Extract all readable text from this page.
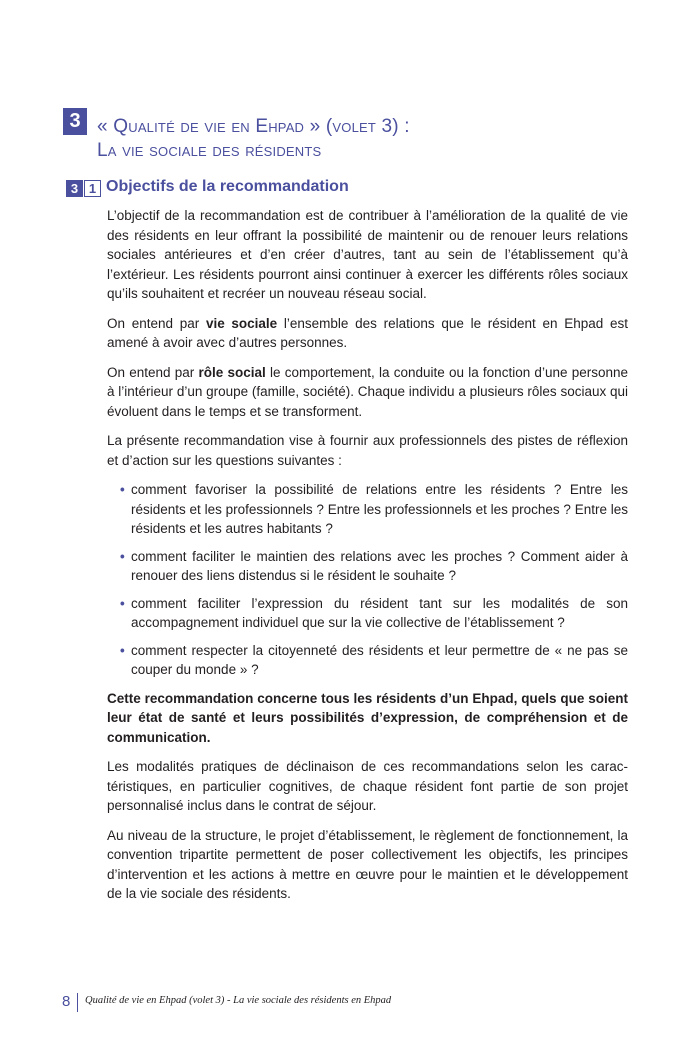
3 « Qualité de vie en Ehpad » (volet 3) :
La vie sociale des résidents
3 1 Objectifs de la recommandation

L’objectif de la recommandation est de contribuer à l’amélioration de la qualité de vie des résidents en leur offrant la possibilité de maintenir ou de renouer leurs relations sociales antérieures et d’en créer d’autres, tant au sein de l’établissement qu’à l’extérieur. Les résidents pourront ainsi continuer à exercer les différents rôles sociaux qu’ils souhaitent et recréer un nouveau réseau social.

On entend par vie sociale l’ensemble des relations que le résident en Ehpad est amené à avoir avec d’autres personnes.

On entend par rôle social le comportement, la conduite ou la fonction d’une personne à l’intérieur d’un groupe (famille, société). Chaque individu a plusieurs rôles sociaux qui évoluent dans le temps et se transforment.

La présente recommandation vise à fournir aux professionnels des pistes de réflexion et d’action sur les questions suivantes :

• comment favoriser la possibilité de relations entre les résidents ? Entre les résidents et les professionnels ? Entre les professionnels et les proches ? Entre les résidents et les autres habitants ?
• comment faciliter le maintien des relations avec les proches ? Comment aider à renouer des liens distendus si le résident le souhaite ?
• comment faciliter l’expression du résident tant sur les modalités de son accompagnement individuel que sur la vie collective de l’établissement ?
• comment respecter la citoyenneté des résidents et leur permettre de « ne pas se couper du monde » ?

Cette recommandation concerne tous les résidents d’un Ehpad, quels que soient leur état de santé et leurs possibilités d’expression, de compréhension et de communication.

Les modalités pratiques de déclinaison de ces recommandations selon les caractéristiques, en particulier cognitives, de chaque résident font partie de son projet personnalisé inclus dans le contrat de séjour.

Au niveau de la structure, le projet d’établissement, le règlement de fonctionnement, la convention tripartite permettent de poser collectivement les objectifs, les principes d’intervention et les actions à mettre en œuvre pour le maintien et le développement de la vie sociale des résidents.

8 Qualité de vie en Ehpad (volet 3) - La vie sociale des résidents en Ehpad
